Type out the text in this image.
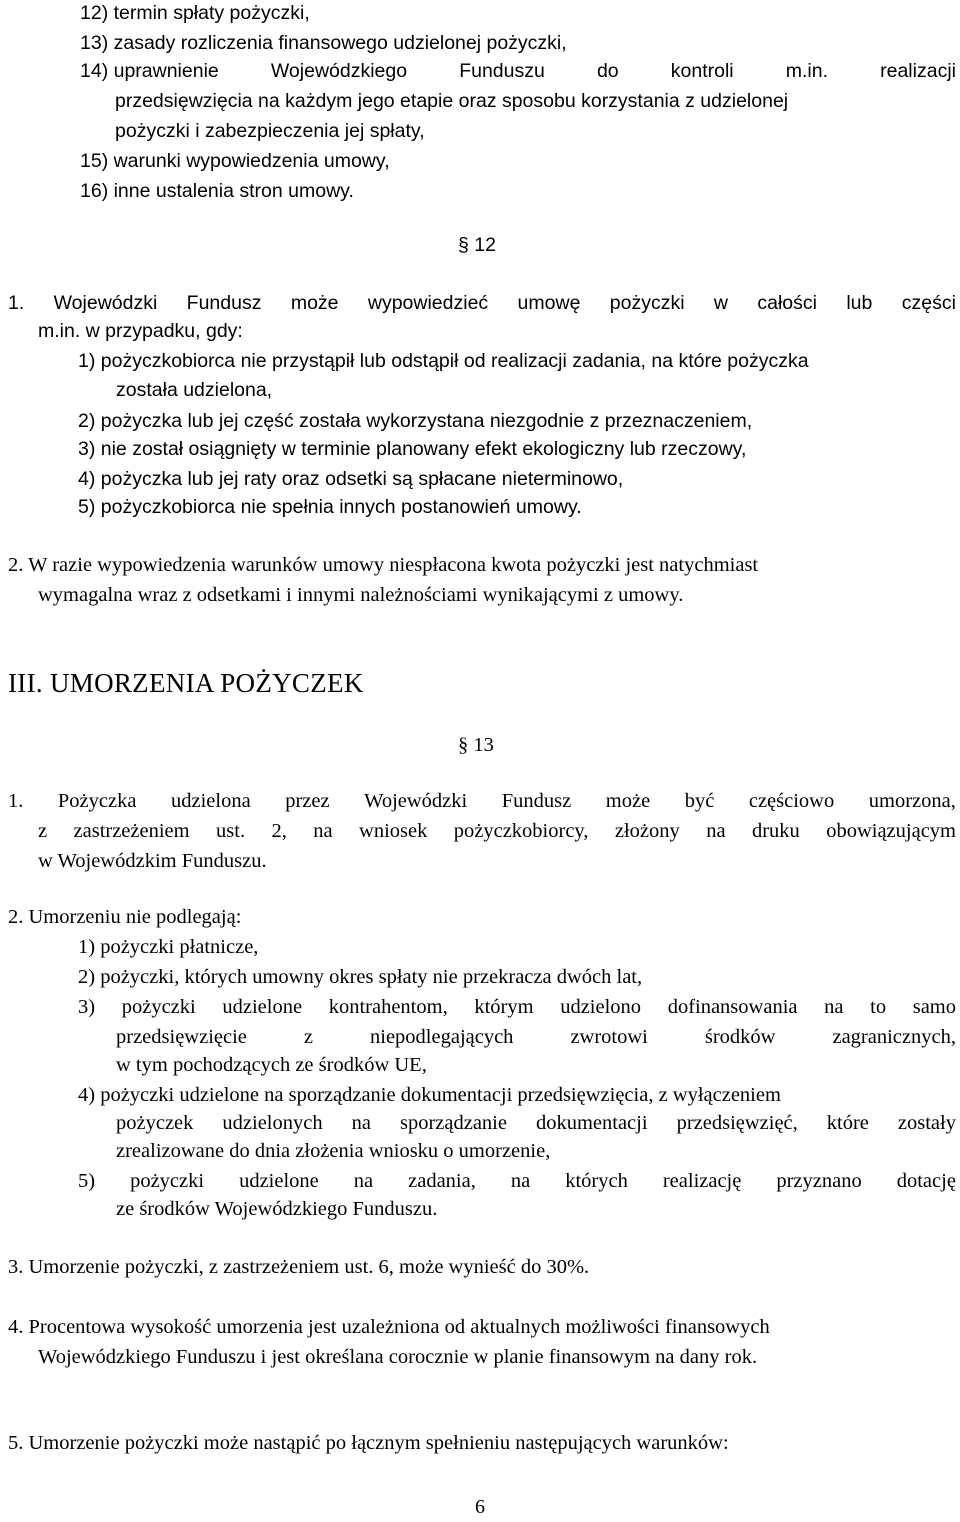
12) termin spłaty pożyczki,
13) zasady rozliczenia finansowego udzielonej pożyczki,
14) uprawnienie	Wojewódzkiego	Funduszu	do	kontroli	m.in.	realizacji
przedsięwzięcia na każdym jego etapie oraz sposobu korzystania z udzielonej
pożyczki i zabezpieczenia jej spłaty,
15) warunki wypowiedzenia umowy,
16) inne ustalenia stron umowy.
§ 12
1. Wojewódzki Fundusz może wypowiedzieć umowę pożyczki w całości lub części
m.in. w przypadku, gdy:
1) pożyczkobiorca nie przystąpił lub odstąpił od realizacji zadania, na które pożyczka
została udzielona,
2) pożyczka lub jej część została wykorzystana niezgodnie z przeznaczeniem,
3) nie został osiągnięty w terminie planowany efekt ekologiczny lub rzeczowy,
4) pożyczka lub jej raty oraz odsetki są spłacane nieterminowo,
5) pożyczkobiorca nie spełnia innych postanowień umowy.
2. W razie wypowiedzenia warunków umowy niespłacona kwota pożyczki jest natychmiast
wymagalna wraz z odsetkami i innymi należnościami wynikającymi z umowy.
III. UMORZENIA POŻYCZEK
§ 13
1. Pożyczka udzielona przez Wojewódzki Fundusz może być częściowo umorzona,
z zastrzeżeniem ust. 2, na wniosek pożyczkobiorcy, złożony na druku obowiązującym
w Wojewódzkim Funduszu.
2. Umorzeniu nie podlegają:
1) pożyczki płatnicze,
2) pożyczki, których umowny okres spłaty nie przekracza dwóch lat,
3) pożyczki udzielone kontrahentom, którym udzielono dofinansowania na to samo
przedsięwzięcie	z	niepodlegających	zwrotowi	środków	zagranicznych,
w tym pochodzących ze środków UE,
4) pożyczki udzielone na sporządzanie dokumentacji przedsięwzięcia, z wyłączeniem
pożyczek udzielonych na sporządzanie dokumentacji przedsięwzięć, które zostały
zrealizowane do dnia złożenia wniosku o umorzenie,
5) pożyczki udzielone na zadania, na których realizację przyznano dotację
ze środków Wojewódzkiego Funduszu.
3. Umorzenie pożyczki, z zastrzeżeniem ust. 6, może wynieść do 30%.
4. Procentowa wysokość umorzenia jest uzależniona od aktualnych możliwości finansowych
Wojewódzkiego Funduszu i jest określana corocznie w planie finansowym na dany rok.
5. Umorzenie pożyczki może nastąpić po łącznym spełnieniu następujących warunków:
6
